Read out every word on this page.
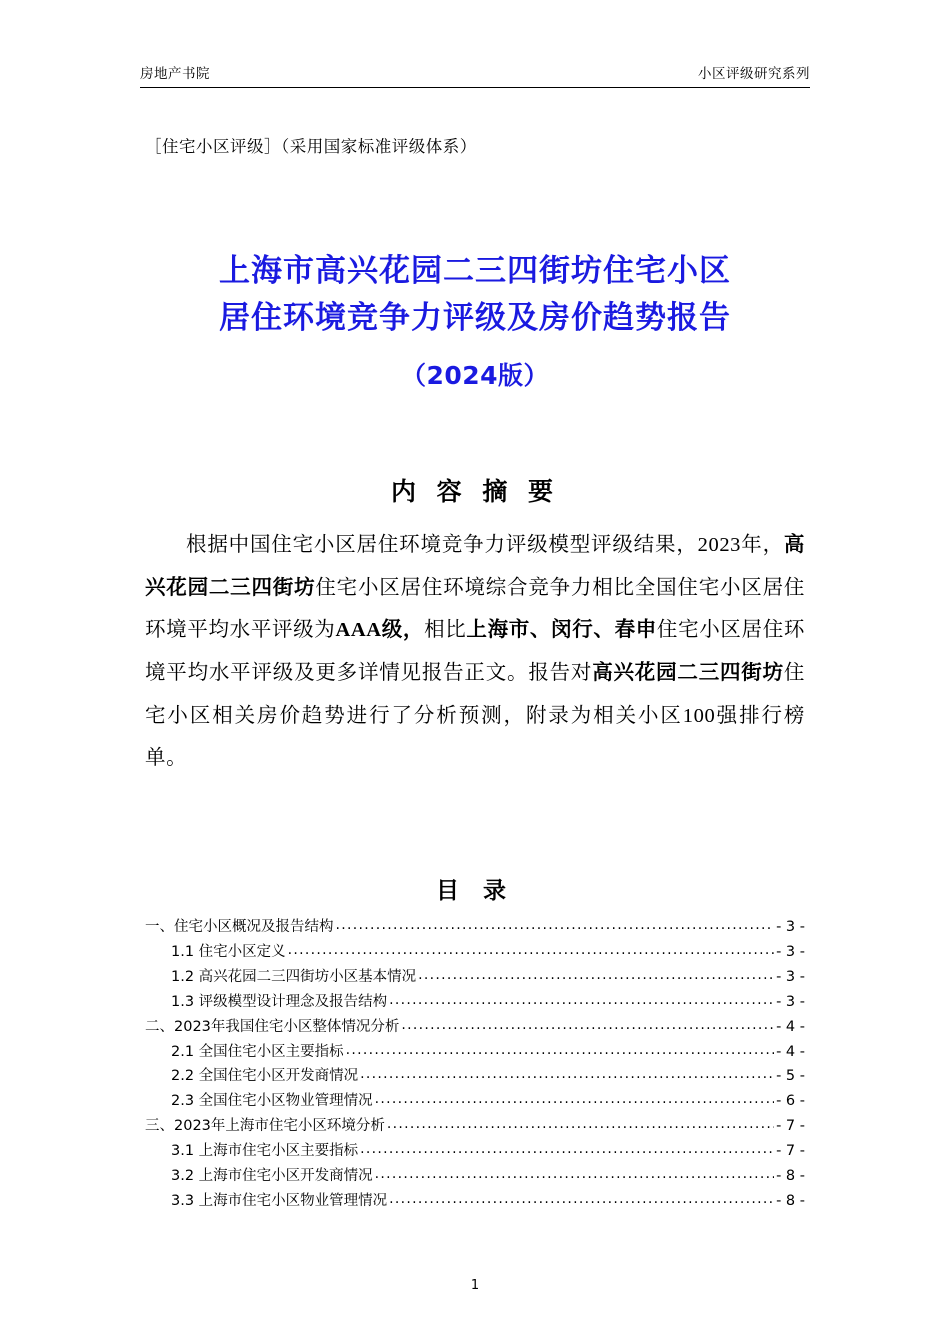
房地产书院	小区评级研究系列
［住宅小区评级］（采用国家标准评级体系）
上海市高兴花园二三四街坊住宅小区
居住环境竞争力评级及房价趋势报告
（2024版）
内 容 摘 要
根据中国住宅小区居住环境竞争力评级模型评级结果，2023年，高兴花园二三四街坊住宅小区居住环境综合竞争力相比全国住宅小区居住环境平均水平评级为AAA级，相比上海市、闵行、春申住宅小区居住环境平均水平评级及更多详情见报告正文。报告对高兴花园二三四街坊住宅小区相关房价趋势进行了分析预测，附录为相关小区100强排行榜单。
目 录
一、住宅小区概况及报告结构 .....	- 3 -
1.1 住宅小区定义 .....	- 3 -
1.2 高兴花园二三四街坊小区基本情况 .....	- 3 -
1.3 评级模型设计理念及报告结构 .....	- 3 -
二、2023年我国住宅小区整体情况分析 .....	- 4 -
2.1 全国住宅小区主要指标 .....	- 4 -
2.2 全国住宅小区开发商情况 .....	- 5 -
2.3 全国住宅小区物业管理情况 .....	- 6 -
三、2023年上海市住宅小区环境分析 .....	- 7 -
3.1 上海市住宅小区主要指标 .....	- 7 -
3.2 上海市住宅小区开发商情况 .....	- 8 -
3.3 上海市住宅小区物业管理情况 .....	- 8 -
1
